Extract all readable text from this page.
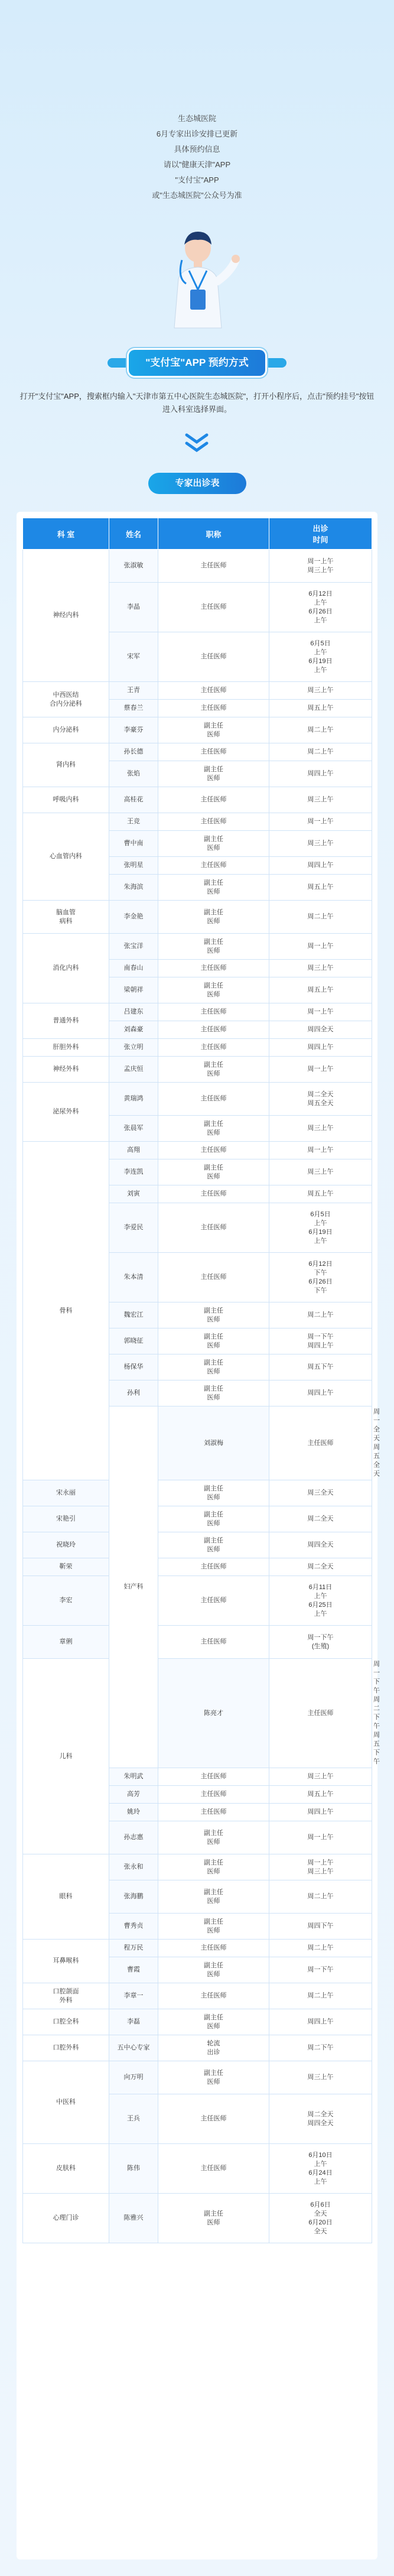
生态城医院
6月专家出诊安排已更新
具体预约信息
请以"健康天津"APP
"支付宝"APP
或"生态城医院"公众号为准
"支付宝"APP 预约方式
打开"支付宝"APP，搜索框内输入"天津市第五中心医院生态城医院"，打开小程序后，点击"预约挂号"按钮进入科室选择界面。
专家出诊表
科 室	姓名	职称	出诊
时间	

神经内科	张淑敏	主任医师	周一上午
周三上午	
	李晶	主任医师	6月12日
上午
6月26日
上午	
	宋军	主任医师	6月5日
上午
6月19日
上午	
中西医结
合内分泌科	王青	主任医师	周三上午	
	蔡春兰	主任医师	周五上午	
内分泌科	李豪芬	副主任
医师	周二上午	
肾内科	孙长德	主任医师	周二上午	
	张焰	副主任
医师	周四上午	
呼吸内科	高桂花	主任医师	周三上午	
心血管内科	王竞	主任医师	周一上午	
	曹中南	副主任
医师	周三上午	
	张明星	主任医师	周四上午	
	朱海滨	副主任
医师	周五上午	
脑血管
病科	李金艳	副主任
医师	周二上午	
消化内科	张宝洋	副主任
医师	周一上午	
	南春山	主任医师	周三上午	
	梁朝祥	副主任
医师	周五上午	
普通外科	吕建东	主任医师	周一上午	
	刘森豪	主任医师	周四全天	
肝胆外科	张立明	主任医师	周四上午	
神经外科	孟庆恒	副主任
医师	周一上午	
泌尿外科	黄瑞鸿	主任医师	周二全天
周五全天	
	张晨军	副主任
医师	周三上午	
骨科	高翔	主任医师	周一上午	
	李连凯	副主任
医师	周三上午	
	刘寅	主任医师	周五上午	
	李爱民	主任医师	6月5日
上午
6月19日
上午	
	朱本清	主任医师	6月12日
下午
6月26日
下午	
	魏宏江	副主任
医师	周二上午	
	郭晓征	副主任
医师	周一下午
周四上午	
	杨保华	副主任
医师	周五下午	
	孙利	副主任
医师	周四上午	
	妇产科	刘淑梅	主任医师	周一全天
周五全天
宋永丽		副主任
医师	周三全天	
宋艳引		副主任
医师	周二全天	
祝晓玲		副主任
医师	周四全天	
靳荣		主任医师	周二全天	
李宏		主任医师	6月11日
上午
6月25日
上午	
章俐		主任医师	周一下午
(生殖)	
儿科		陈亮才	主任医师	周一下午
周二下午
周五下午
	朱明武	主任医师	周三上午	
	高芳	主任医师	周五上午	
	姚玲	主任医师	周四上午	
	孙志惠	副主任
医师	周一上午	
眼科	张永和	副主任
医师	周一上午
周三上午	
	张海鹏	副主任
医师	周二上午	
	曹秀贞	副主任
医师	周四下午	
耳鼻喉科	程万民	主任医师	周二上午	
	曹霞	副主任
医师	周一下午	
口腔颌面
外科	李章一	主任医师	周二上午	
口腔全科	李磊	副主任
医师	周四上午	
口腔外科	五中心专家	轮流
出诊	周二下午	
中医科	向万明	副主任
医师	周三上午	
	王兵	主任医师	周二全天
周四全天	
皮肤科	陈伟	主任医师	6月10日
上午
6月24日
上午	
心理门诊	陈雅兴	副主任
医师	6月6日
全天
6月20日
全天	
